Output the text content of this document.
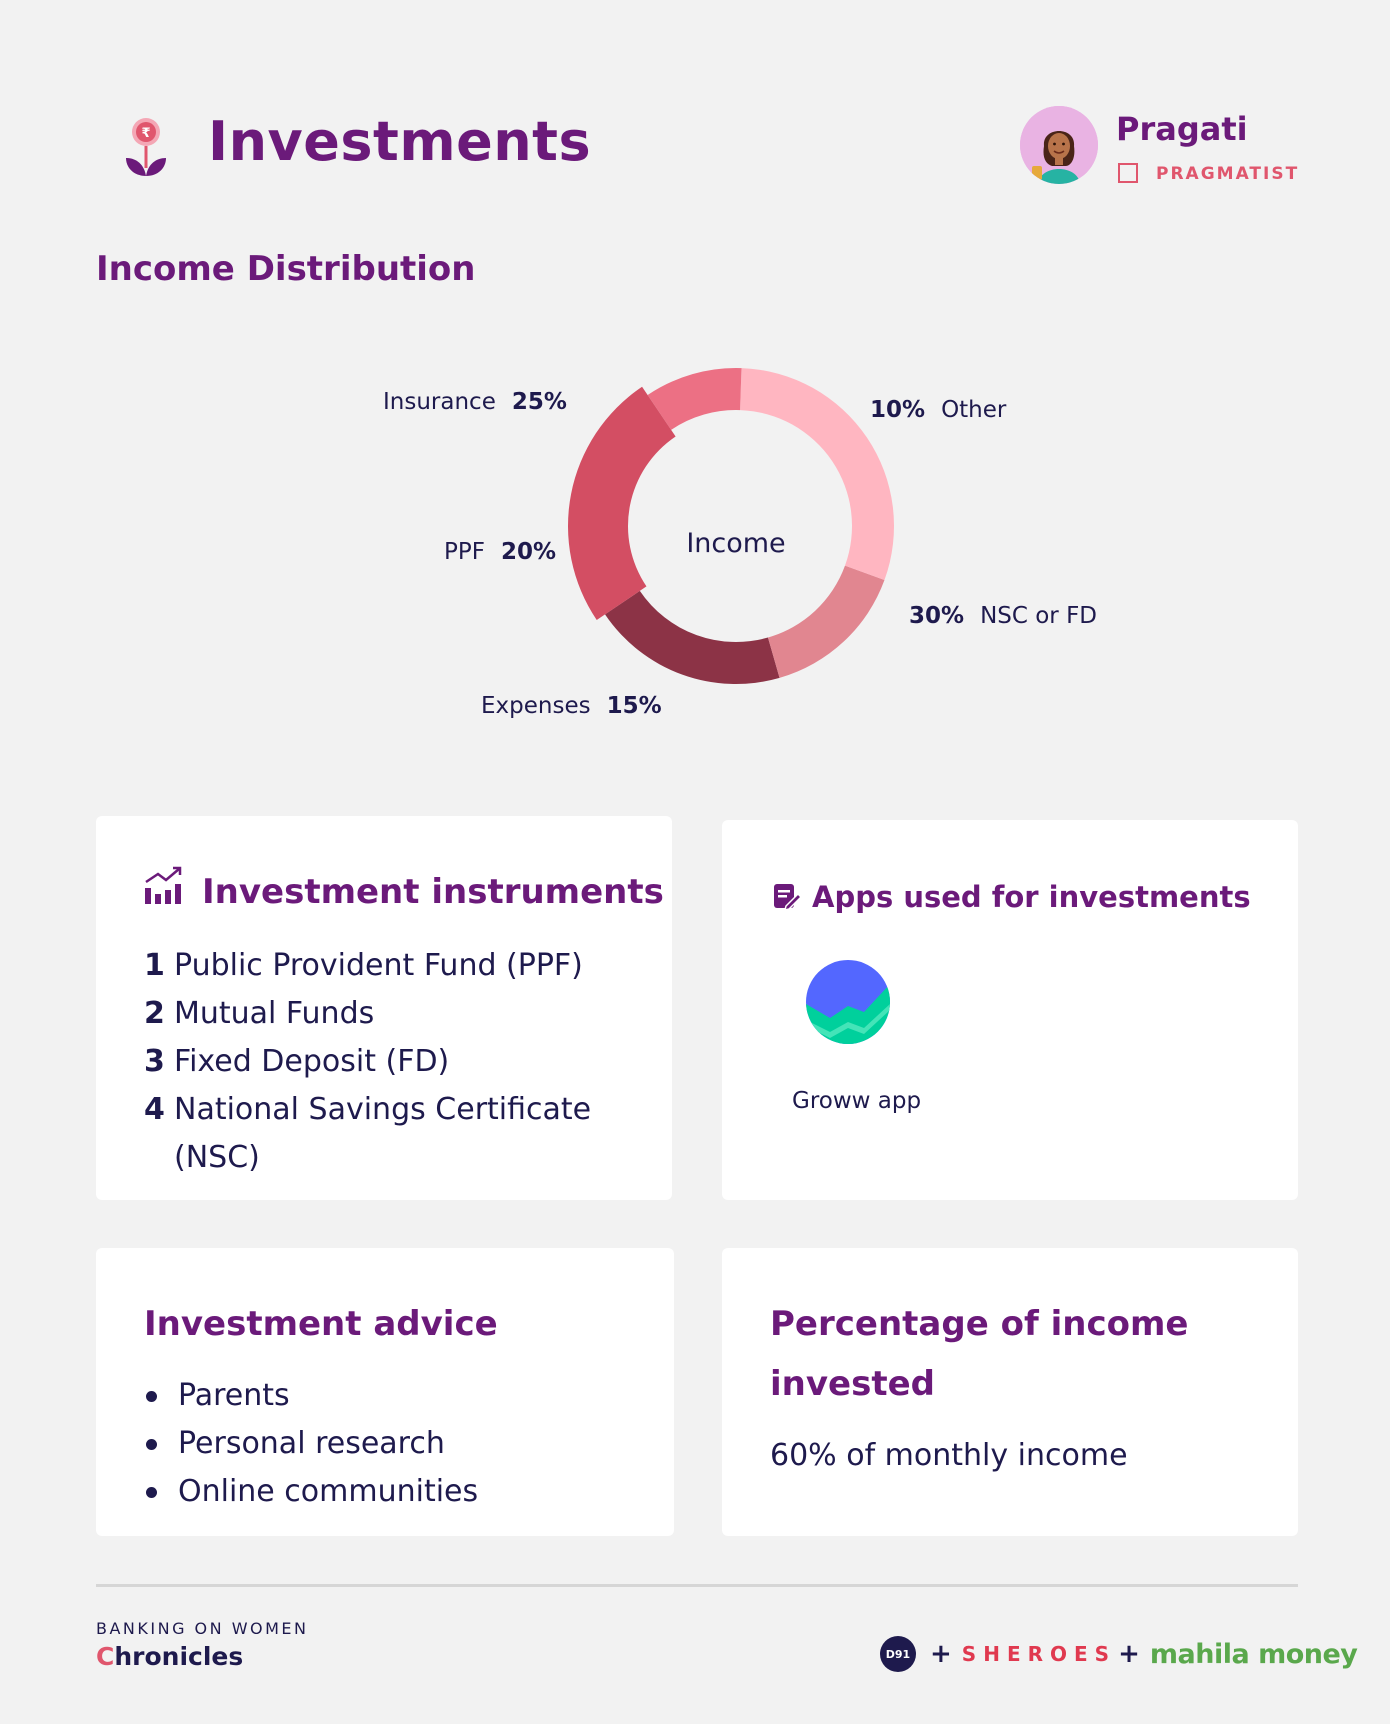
₹ Investments	Pragati
PRAGMATIST
Income Distribution
Income
Insurance 25%	10% Other
30% NSC or FD
Expenses 15%
PPF 20%
Investment instruments
1 Public Provident Fund (PPF)
2 Mutual Funds
3 Fixed Deposit (FD)
4 National Savings Certificate (NSC)
Apps used for investments
Groww app
Investment advice
Parents
Personal research
Online communities
Percentage of income
invested
60% of monthly income
BANKING ON WOMEN
Chronicles	D91 + SHEROES + mahila money
